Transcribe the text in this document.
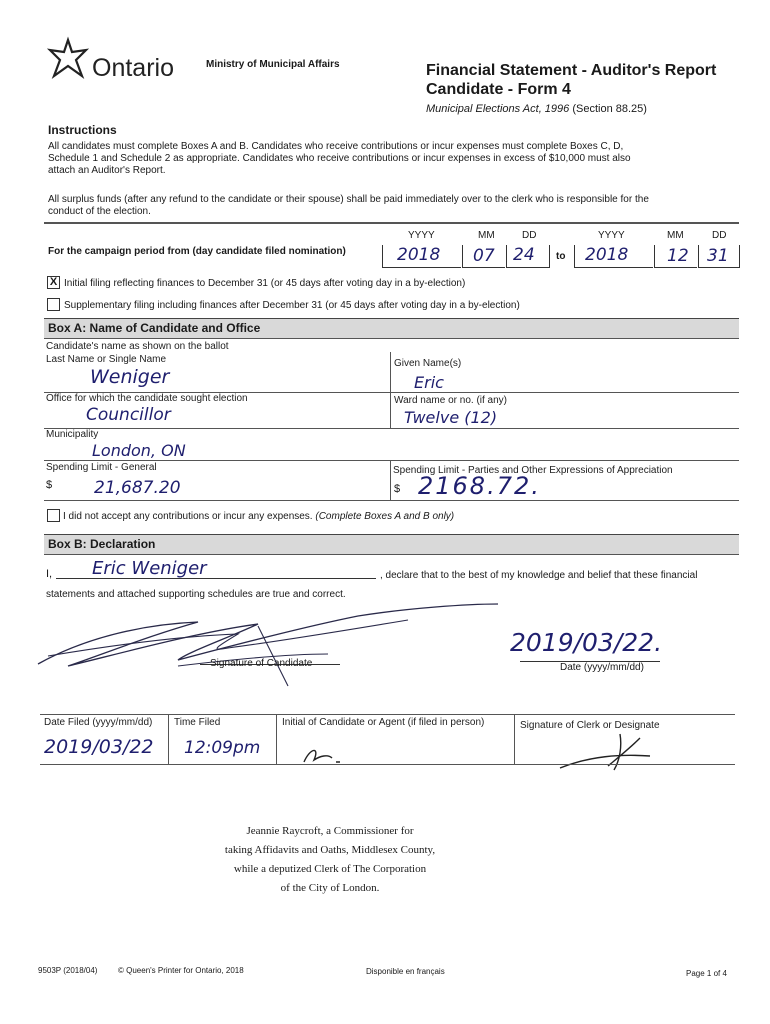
Ontario	Ministry of Municipal Affairs	Financial Statement - Auditor's Report
Candidate - Form 4
Municipal Elections Act, 1996 (Section 88.25)
Instructions
All candidates must complete Boxes A and B. Candidates who receive contributions or incur expenses must complete Boxes C, D,
Schedule 1 and Schedule 2 as appropriate. Candidates who receive contributions or incur expenses in excess of $10,000 must also
attach an Auditor's Report.
All surplus funds (after any refund to the candidate or their spouse) shall be paid immediately over to the clerk who is responsible for the
conduct of the election.
For the campaign period from (day candidate filed nomination)
YYYY	MM	DD	YYYY	MM	DD
2018 07 24 to 2018 12 31
X Initial filing reflecting finances to December 31 (or 45 days after voting day in a by-election)
Supplementary filing including finances after December 31 (or 45 days after voting day in a by-election)
Box A: Name of Candidate and Office
Candidate's name as shown on the ballot
Last Name or Single Name
Weniger
Given Name(s)
Eric
Office for which the candidate sought election
Councillor
Ward name or no. (if any)
Twelve (12)
Municipality
London, ON
Spending Limit - General
$ 21,687.20
Spending Limit - Parties and Other Expressions of Appreciation
$ 2168.72.
I did not accept any contributions or incur any expenses. (Complete Boxes A and B only)
Box B: Declaration
I, Eric Weniger	, declare that to the best of my knowledge and belief that these financial
statements and attached supporting schedules are true and correct.
Signature of Candidate
2019/03/22.
Date (yyyy/mm/dd)
Date Filed (yyyy/mm/dd) Time Filed	Initial of Candidate or Agent (if filed in person)	Signature of Clerk or Designate
2019/03/22 12:09pm
Jeannie Raycroft, a Commissioner for
taking Affidavits and Oaths, Middlesex County,
while a deputized Clerk of The Corporation
of the City of London.
9503P (2018/04)	© Queen's Printer for Ontario, 2018	Disponible en français	Page 1 of 4
